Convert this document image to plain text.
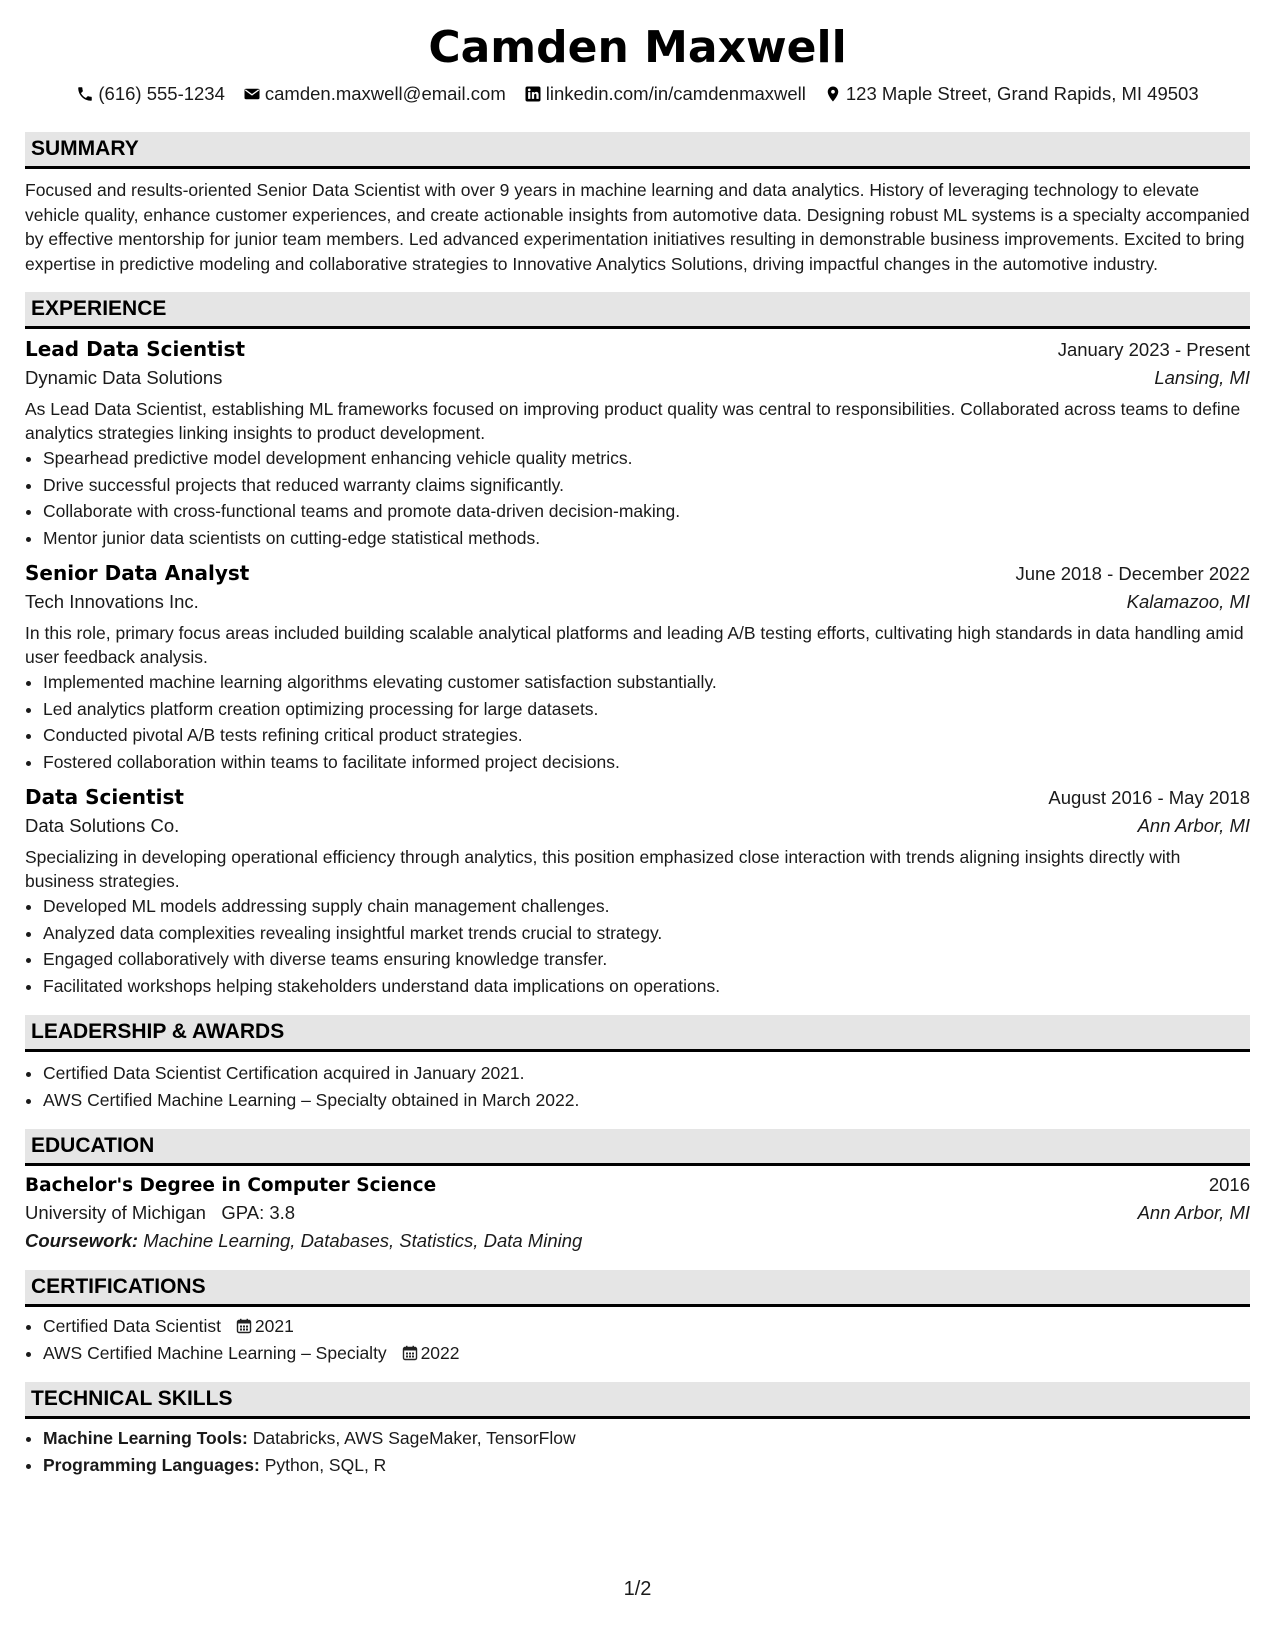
Camden Maxwell
(616) 555-1234 camden.maxwell@email.com linkedin.com/in/camdenmaxwell 123 Maple Street, Grand Rapids, MI 49503
SUMMARY
Focused and results-oriented Senior Data Scientist with over 9 years in machine learning and data analytics. History of leveraging technology to elevate vehicle quality, enhance customer experiences, and create actionable insights from automotive data. Designing robust ML systems is a specialty accompanied by effective mentorship for junior team members. Led advanced experimentation initiatives resulting in demonstrable business improvements. Excited to bring expertise in predictive modeling and collaborative strategies to Innovative Analytics Solutions, driving impactful changes in the automotive industry.
EXPERIENCE
Lead Data Scientist	January 2023 - Present
Dynamic Data Solutions	Lansing, MI
As Lead Data Scientist, establishing ML frameworks focused on improving product quality was central to responsibilities. Collaborated across teams to define analytics strategies linking insights to product development.
• Spearhead predictive model development enhancing vehicle quality metrics.
• Drive successful projects that reduced warranty claims significantly.
• Collaborate with cross-functional teams and promote data-driven decision-making.
• Mentor junior data scientists on cutting-edge statistical methods.
Senior Data Analyst	June 2018 - December 2022
Tech Innovations Inc.	Kalamazoo, MI
In this role, primary focus areas included building scalable analytical platforms and leading A/B testing efforts, cultivating high standards in data handling amid user feedback analysis.
• Implemented machine learning algorithms elevating customer satisfaction substantially.
• Led analytics platform creation optimizing processing for large datasets.
• Conducted pivotal A/B tests refining critical product strategies.
• Fostered collaboration within teams to facilitate informed project decisions.
Data Scientist	August 2016 - May 2018
Data Solutions Co.	Ann Arbor, MI
Specializing in developing operational efficiency through analytics, this position emphasized close interaction with trends aligning insights directly with business strategies.
• Developed ML models addressing supply chain management challenges.
• Analyzed data complexities revealing insightful market trends crucial to strategy.
• Engaged collaboratively with diverse teams ensuring knowledge transfer.
• Facilitated workshops helping stakeholders understand data implications on operations.
LEADERSHIP & AWARDS
• Certified Data Scientist Certification acquired in January 2021.
• AWS Certified Machine Learning – Specialty obtained in March 2022.
EDUCATION
Bachelor's Degree in Computer Science	2016
University of Michigan GPA: 3.8	Ann Arbor, MI
Coursework: Machine Learning, Databases, Statistics, Data Mining
CERTIFICATIONS
• Certified Data Scientist 2021
• AWS Certified Machine Learning – Specialty 2022
TECHNICAL SKILLS
• Machine Learning Tools: Databricks, AWS SageMaker, TensorFlow
• Programming Languages: Python, SQL, R
1/2
